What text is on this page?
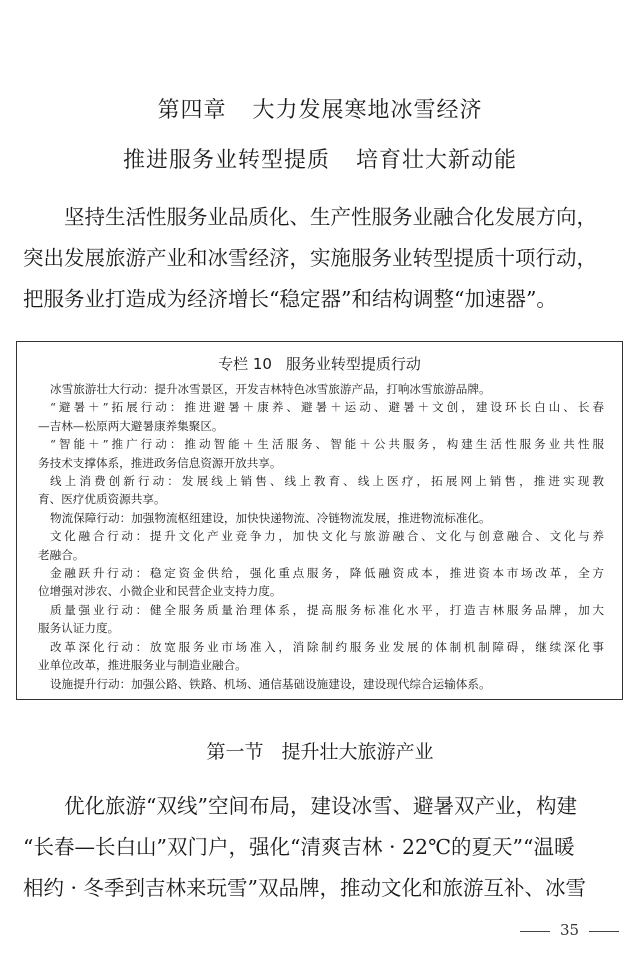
第四章 大力发展寒地冰雪经济
推进服务业转型提质 培育壮大新动能
坚持生活性服务业品质化、生产性服务业融合化发展方向，
突出发展旅游产业和冰雪经济，实施服务业转型提质十项行动，
把服务业打造成为经济增长“稳定器”和结构调整“加速器”。
专栏 10 服务业转型提质行动
冰雪旅游壮大行动：提升冰雪景区，开发吉林特色冰雪旅游产品，打响冰雪旅游品牌。
“避暑＋”拓展行动：推进避暑＋康养、避暑＋运动、避暑＋文创，建设环长白山、长春
—吉林—松原两大避暑康养集聚区。
“智能＋”推广行动：推动智能＋生活服务、智能＋公共服务，构建生活性服务业共性服
务技术支撑体系，推进政务信息资源开放共享。
线上消费创新行动：发展线上销售、线上教育、线上医疗，拓展网上销售，推进实现教
育、医疗优质资源共享。
物流保障行动：加强物流枢纽建设，加快快递物流、冷链物流发展，推进物流标准化。
文化融合行动：提升文化产业竞争力，加快文化与旅游融合、文化与创意融合、文化与养
老融合。
金融跃升行动：稳定资金供给，强化重点服务，降低融资成本，推进资本市场改革，全方
位增强对涉农、小微企业和民营企业支持力度。
质量强业行动：健全服务质量治理体系，提高服务标准化水平，打造吉林服务品牌，加大
服务认证力度。
改革深化行动：放宽服务业市场准入，消除制约服务业发展的体制机制障碍，继续深化事
业单位改革，推进服务业与制造业融合。
设施提升行动：加强公路、铁路、机场、通信基础设施建设，建设现代综合运输体系。
第一节 提升壮大旅游产业
优化旅游“双线”空间布局，建设冰雪、避暑双产业，构建
“长春—长白山”双门户，强化“清爽吉林 · 22℃的夏天”“温暖
相约 · 冬季到吉林来玩雪”双品牌，推动文化和旅游互补、冰雪
35
